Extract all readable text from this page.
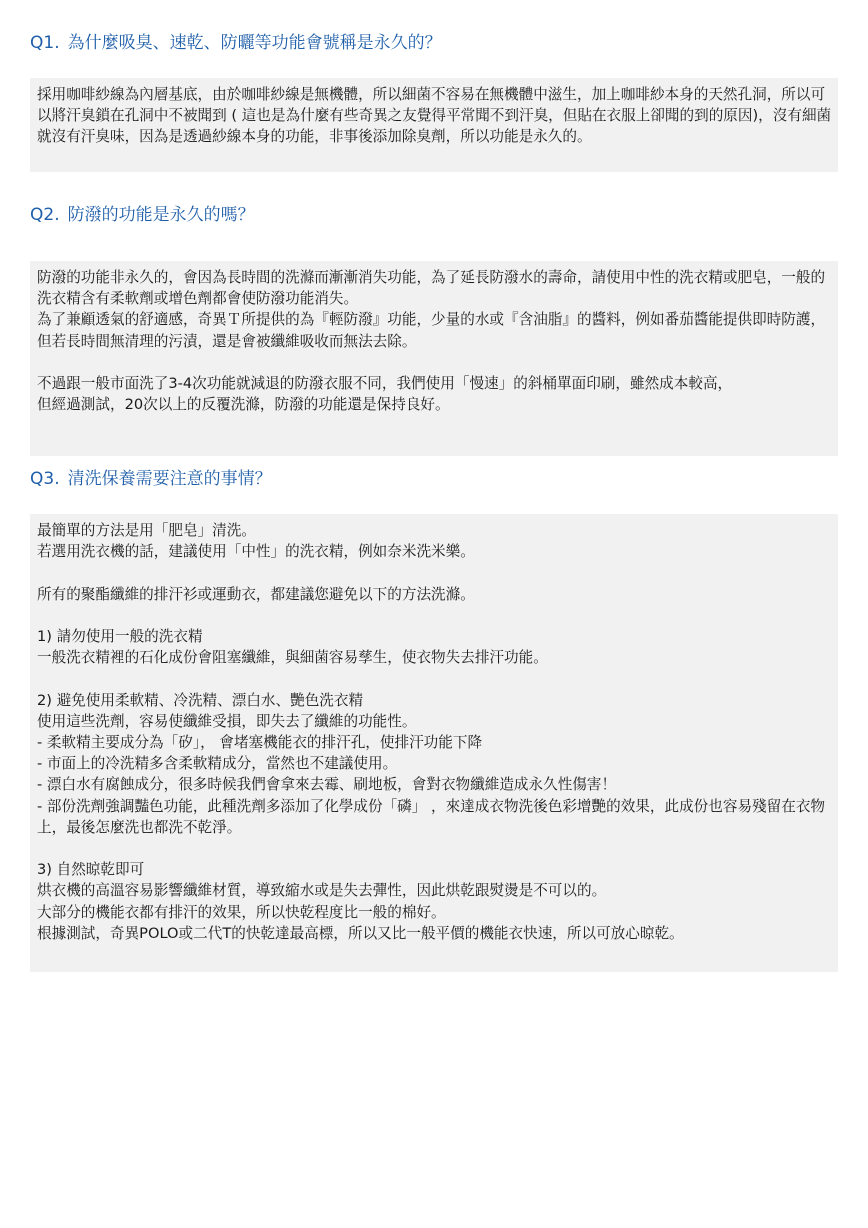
Q1. 為什麼吸臭、速乾、防曬等功能會號稱是永久的？

採用咖啡紗線為內層基底，由於咖啡紗線是無機體，所以細菌不容易在無機體中滋生，加上咖啡紗本身的天然孔洞，所以可以將汗臭鎖在孔洞中不被聞到 ( 這也是為什麼有些奇異之友覺得平常聞不到汗臭，但貼在衣服上卻聞的到的原因)，沒有細菌就沒有汗臭味，因為是透過紗線本身的功能，非事後添加除臭劑，所以功能是永久的。

Q2. 防潑的功能是永久的嗎？

防潑的功能非永久的，會因為長時間的洗滌而漸漸消失功能，為了延長防潑水的壽命，請使用中性的洗衣精或肥皂，一般的洗衣精含有柔軟劑或增色劑都會使防潑功能消失。
為了兼顧透氣的舒適感，奇異Ｔ所提供的為『輕防潑』功能，少量的水或『含油脂』的醬料，例如番茄醬能提供即時防護，但若長時間無清理的污漬，還是會被纖維吸收而無法去除。

不過跟一般市面洗了3-4次功能就減退的防潑衣服不同，我們使用「慢速」的斜桶單面印刷，雖然成本較高，
但經過測試，20次以上的反覆洗滌，防潑的功能還是保持良好。

Q3. 清洗保養需要注意的事情？

最簡單的方法是用「肥皂」清洗。
若選用洗衣機的話，建議使用「中性」的洗衣精，例如奈米洗米樂。

所有的聚酯纖維的排汗衫或運動衣，都建議您避免以下的方法洗滌。

1) 請勿使用一般的洗衣精
一般洗衣精裡的石化成份會阻塞纖維，與細菌容易孳生，使衣物失去排汗功能。

2) 避免使用柔軟精、冷洗精、漂白水、艷色洗衣精
使用這些洗劑，容易使纖維受損，即失去了纖維的功能性。
- 柔軟精主要成分為「矽」， 會堵塞機能衣的排汗孔，使排汗功能下降
- 市面上的冷洗精多含柔軟精成分，當然也不建議使用。
- 漂白水有腐蝕成分，很多時候我們會拿來去霉、刷地板，會對衣物纖維造成永久性傷害！
- 部份洗劑強調豔色功能，此種洗劑多添加了化學成份「磷」 ，來達成衣物洗後色彩增艷的效果，此成份也容易殘留在衣物上，最後怎麼洗也都洗不乾淨。

3) 自然晾乾即可
烘衣機的高溫容易影響纖維材質，導致縮水或是失去彈性，因此烘乾跟熨燙是不可以的。
大部分的機能衣都有排汗的效果，所以快乾程度比一般的棉好。
根據測試，奇異POLO或二代T的快乾達最高標，所以又比一般平價的機能衣快速，所以可放心晾乾。
